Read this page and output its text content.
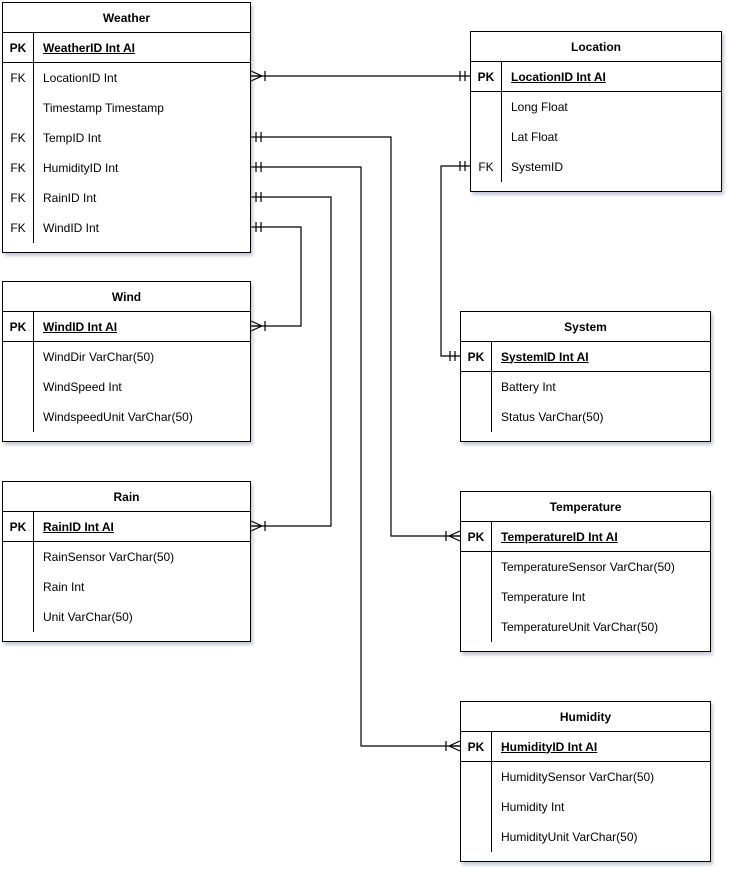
Weather
PK	WeatherID Int AI
FK	LocationID Int
Timestamp Timestamp
FK	TempID Int
FK	HumidityID Int
FK	RainID Int
FK	WindID Int
Location
PK	LocationID Int AI
Long Float
Lat Float
FK	SystemID
Wind
PK	WindID Int AI
WindDir VarChar(50)
WindSpeed Int
WindspeedUnit VarChar(50)
System
PK	SystemID Int AI
Battery Int
Status VarChar(50)
Rain
PK	RainID Int AI
RainSensor VarChar(50)
Rain Int
Unit VarChar(50)
Temperature
PK	TemperatureID Int AI
TemperatureSensor VarChar(50)
Temperature Int
TemperatureUnit VarChar(50)
Humidity
PK	HumidityID Int AI
HumiditySensor VarChar(50)
Humidity Int
HumidityUnit VarChar(50)
